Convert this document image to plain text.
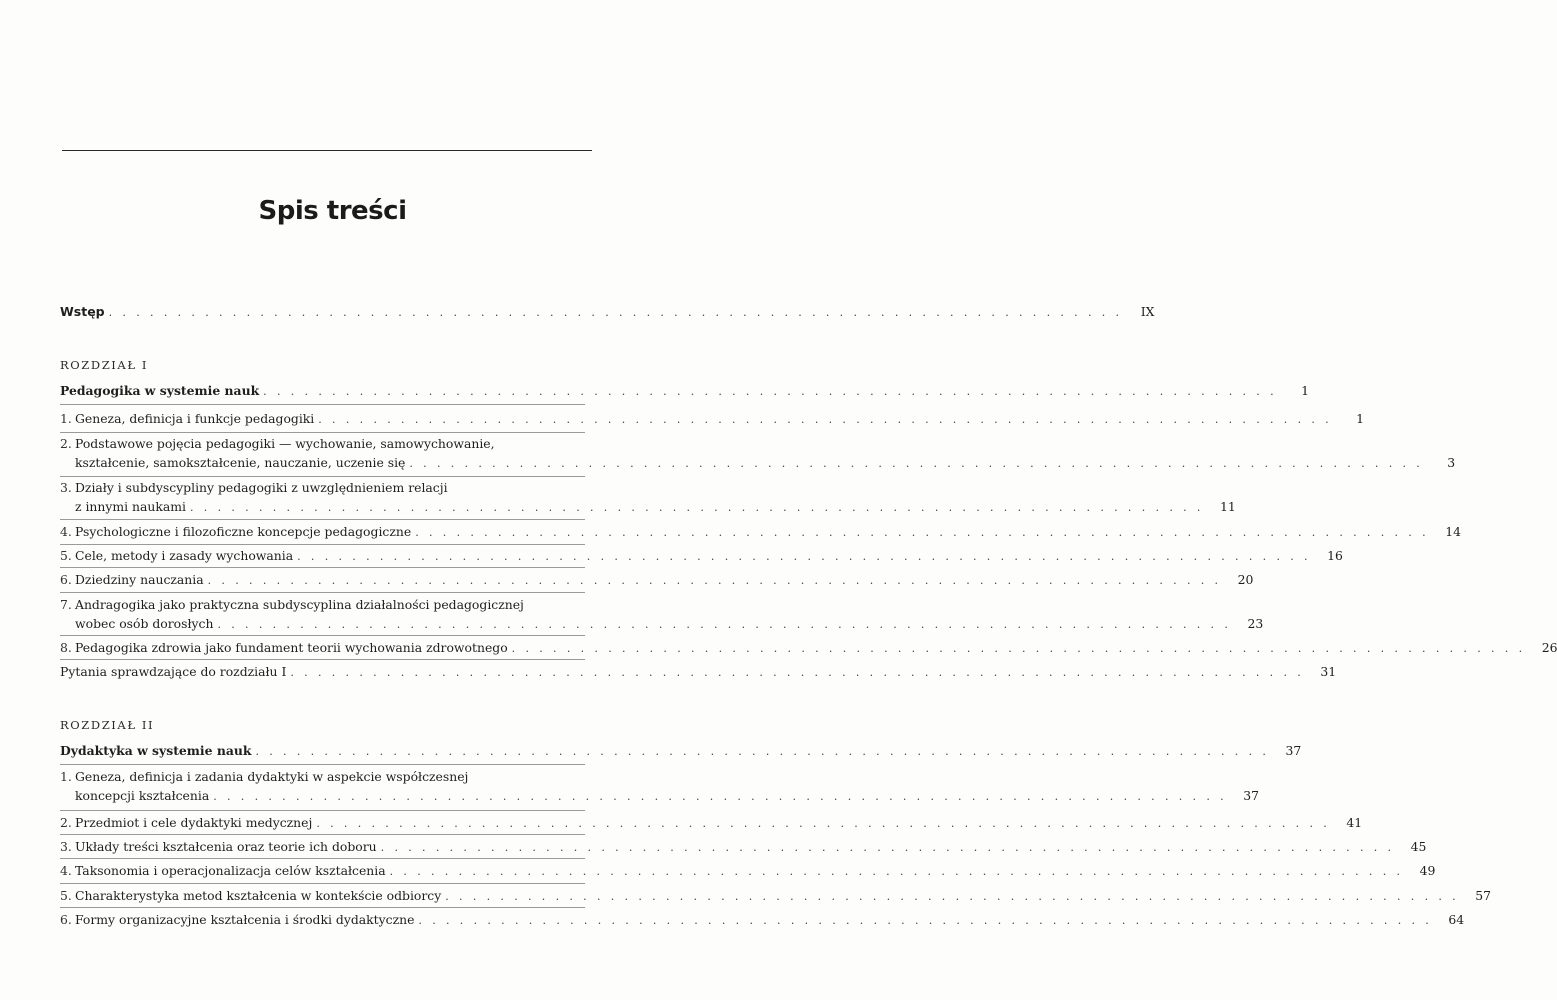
Spis treści
Wstęp . . . . . . . . . . . . . . . . . . . . . . . . . . . . . . . . . . . . . . . . . . . . . . . . . . . . . . . . . . . . . . . . . . . . . . . . . .	IX
ROZDZIAŁ I
Pedagogika w systemie nauk . . . . . . . . . . . . . . . . . . . . . . . . . . . . . . . . . . . . . . . . . . . . . . . . . . . . . . . . . . . . . . . . . . . . . . . . . .	1
1. Geneza, definicja i funkcje pedagogiki . . . . . . . . . . . . . . . . . . . . . . . . . . . . . . . . . . . . . . . . . . . . . . . . . . . . . . . . . . . . . . . . . . . . . . . . . .	1
2. Podstawowe pojęcia pedagogiki — wychowanie, samowychowanie,
kształcenie, samokształcenie, nauczanie, uczenie się . . . . . . . . . . . . . . . . . . . . . . . . . . . . . . . . . . . . . . . . . . . . . . . . . . . . . . . . . . . . . . . . . . . . . . . . . .	3
3. Działy i subdyscypliny pedagogiki z uwzględnieniem relacji
z innymi naukami . . . . . . . . . . . . . . . . . . . . . . . . . . . . . . . . . . . . . . . . . . . . . . . . . . . . . . . . . . . . . . . . . . . . . . . . . .	11
4. Psychologiczne i filozoficzne koncepcje pedagogiczne . . . . . . . . . . . . . . . . . . . . . . . . . . . . . . . . . . . . . . . . . . . . . . . . . . . . . . . . . . . . . . . . . . . . . . . . . .	14
5. Cele, metody i zasady wychowania . . . . . . . . . . . . . . . . . . . . . . . . . . . . . . . . . . . . . . . . . . . . . . . . . . . . . . . . . . . . . . . . . . . . . . . . . .	16
6. Dziedziny nauczania . . . . . . . . . . . . . . . . . . . . . . . . . . . . . . . . . . . . . . . . . . . . . . . . . . . . . . . . . . . . . . . . . . . . . . . . . .	20
7. Andragogika jako praktyczna subdyscyplina działalności pedagogicznej
wobec osób dorosłych . . . . . . . . . . . . . . . . . . . . . . . . . . . . . . . . . . . . . . . . . . . . . . . . . . . . . . . . . . . . . . . . . . . . . . . . . .	23
8. Pedagogika zdrowia jako fundament teorii wychowania zdrowotnego . . . . . . . . . . . . . . . . . . . . . . . . . . . . . . . . . . . . . . . . . . . . . . . . . . . . . . . . . . . . . . . . . . . . . . . . . .	26
Pytania sprawdzające do rozdziału I . . . . . . . . . . . . . . . . . . . . . . . . . . . . . . . . . . . . . . . . . . . . . . . . . . . . . . . . . . . . . . . . . . . . . . . . . .	31
ROZDZIAŁ II
Dydaktyka w systemie nauk . . . . . . . . . . . . . . . . . . . . . . . . . . . . . . . . . . . . . . . . . . . . . . . . . . . . . . . . . . . . . . . . . . . . . . . . . .	37
1. Geneza, definicja i zadania dydaktyki w aspekcie współczesnej
koncepcji kształcenia . . . . . . . . . . . . . . . . . . . . . . . . . . . . . . . . . . . . . . . . . . . . . . . . . . . . . . . . . . . . . . . . . . . . . . . . . .	37
2. Przedmiot i cele dydaktyki medycznej . . . . . . . . . . . . . . . . . . . . . . . . . . . . . . . . . . . . . . . . . . . . . . . . . . . . . . . . . . . . . . . . . . . . . . . . . .	41
3. Układy treści kształcenia oraz teorie ich doboru . . . . . . . . . . . . . . . . . . . . . . . . . . . . . . . . . . . . . . . . . . . . . . . . . . . . . . . . . . . . . . . . . . . . . . . . . .	45
4. Taksonomia i operacjonalizacja celów kształcenia . . . . . . . . . . . . . . . . . . . . . . . . . . . . . . . . . . . . . . . . . . . . . . . . . . . . . . . . . . . . . . . . . . . . . . . . . .	49
5. Charakterystyka metod kształcenia w kontekście odbiorcy . . . . . . . . . . . . . . . . . . . . . . . . . . . . . . . . . . . . . . . . . . . . . . . . . . . . . . . . . . . . . . . . . . . . . . . . . .	57
6. Formy organizacyjne kształcenia i środki dydaktyczne . . . . . . . . . . . . . . . . . . . . . . . . . . . . . . . . . . . . . . . . . . . . . . . . . . . . . . . . . . . . . . . . . . . . . . . . . .	64
